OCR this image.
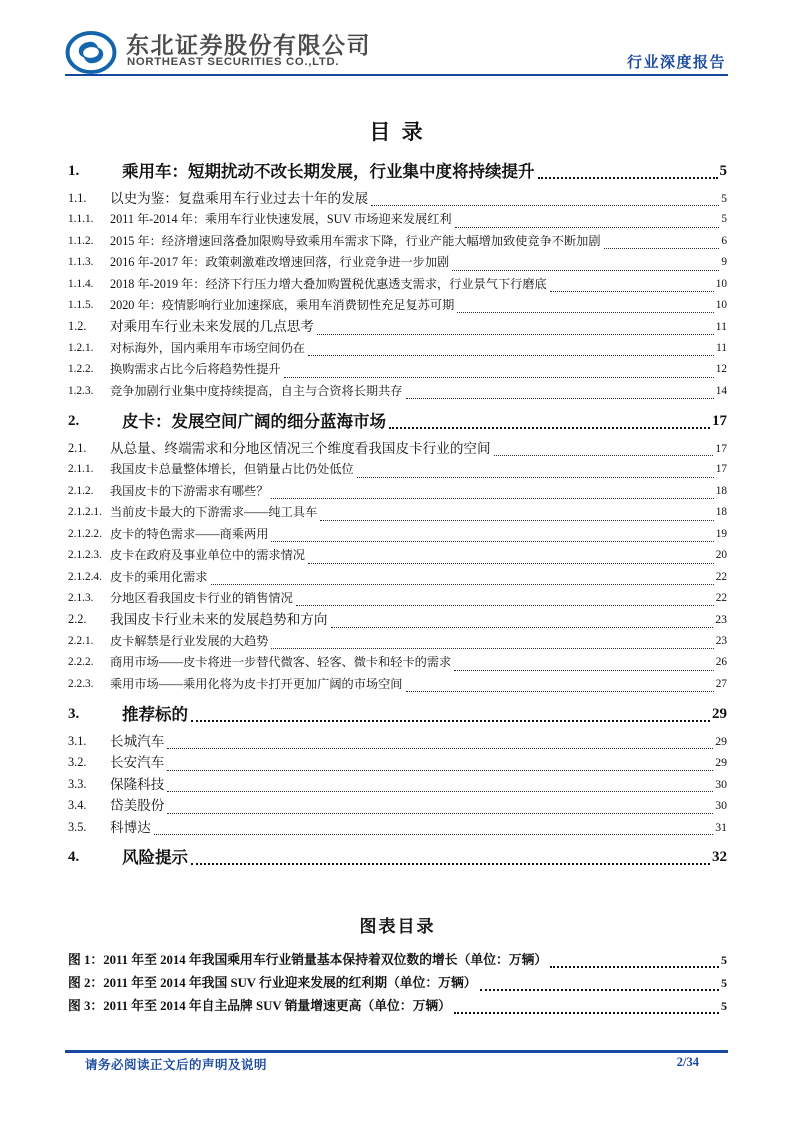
东北证券股份有限公司
NORTHEAST SECURITIES CO.,LTD.	行业深度报告
目 录
1.	乘用车：短期扰动不改长期发展，行业集中度将持续提升	5
1.1.	以史为鉴：复盘乘用车行业过去十年的发展	5
1.1.1.	2011 年-2014 年：乘用车行业快速发展，SUV 市场迎来发展红利	5
1.1.2.	2015 年：经济增速回落叠加限购导致乘用车需求下降，行业产能大幅增加致使竞争不断加剧	6
1.1.3.	2016 年-2017 年：政策刺激难改增速回落，行业竞争进一步加剧	9
1.1.4.	2018 年-2019 年：经济下行压力增大叠加购置税优惠透支需求，行业景气下行磨底	10
1.1.5.	2020 年：疫情影响行业加速探底，乘用车消费韧性充足复苏可期	10
1.2.	对乘用车行业未来发展的几点思考	11
1.2.1.	对标海外，国内乘用车市场空间仍在	11
1.2.2.	换购需求占比今后将趋势性提升	12
1.2.3.	竞争加剧行业集中度持续提高，自主与合资将长期共存	14
2.	皮卡：发展空间广阔的细分蓝海市场	17
2.1.	从总量、终端需求和分地区情况三个维度看我国皮卡行业的空间	17
2.1.1.	我国皮卡总量整体增长，但销量占比仍处低位	17
2.1.2.	我国皮卡的下游需求有哪些？	18
2.1.2.1. 当前皮卡最大的下游需求——纯工具车	18
2.1.2.2. 皮卡的特色需求——商乘两用	19
2.1.2.3. 皮卡在政府及事业单位中的需求情况	20
2.1.2.4. 皮卡的乘用化需求	22
2.1.3.	分地区看我国皮卡行业的销售情况	22
2.2.	我国皮卡行业未来的发展趋势和方向	23
2.2.1.	皮卡解禁是行业发展的大趋势	23
2.2.2.	商用市场——皮卡将进一步替代微客、轻客、微卡和轻卡的需求	26
2.2.3.	乘用市场——乘用化将为皮卡打开更加广阔的市场空间	27
3.	推荐标的	29
3.1.	长城汽车	29
3.2.	长安汽车	29
3.3.	保隆科技	30
3.4.	岱美股份	30
3.5.	科博达	31
4.	风险提示	32
图表目录
图 1：2011 年至 2014 年我国乘用车行业销量基本保持着双位数的增长（单位：万辆）	5
图 2：2011 年至 2014 年我国 SUV 行业迎来发展的红利期（单位：万辆）	5
图 3：2011 年至 2014 年自主品牌 SUV 销量增速更高（单位：万辆）	5
请务必阅读正文后的声明及说明	2/34
